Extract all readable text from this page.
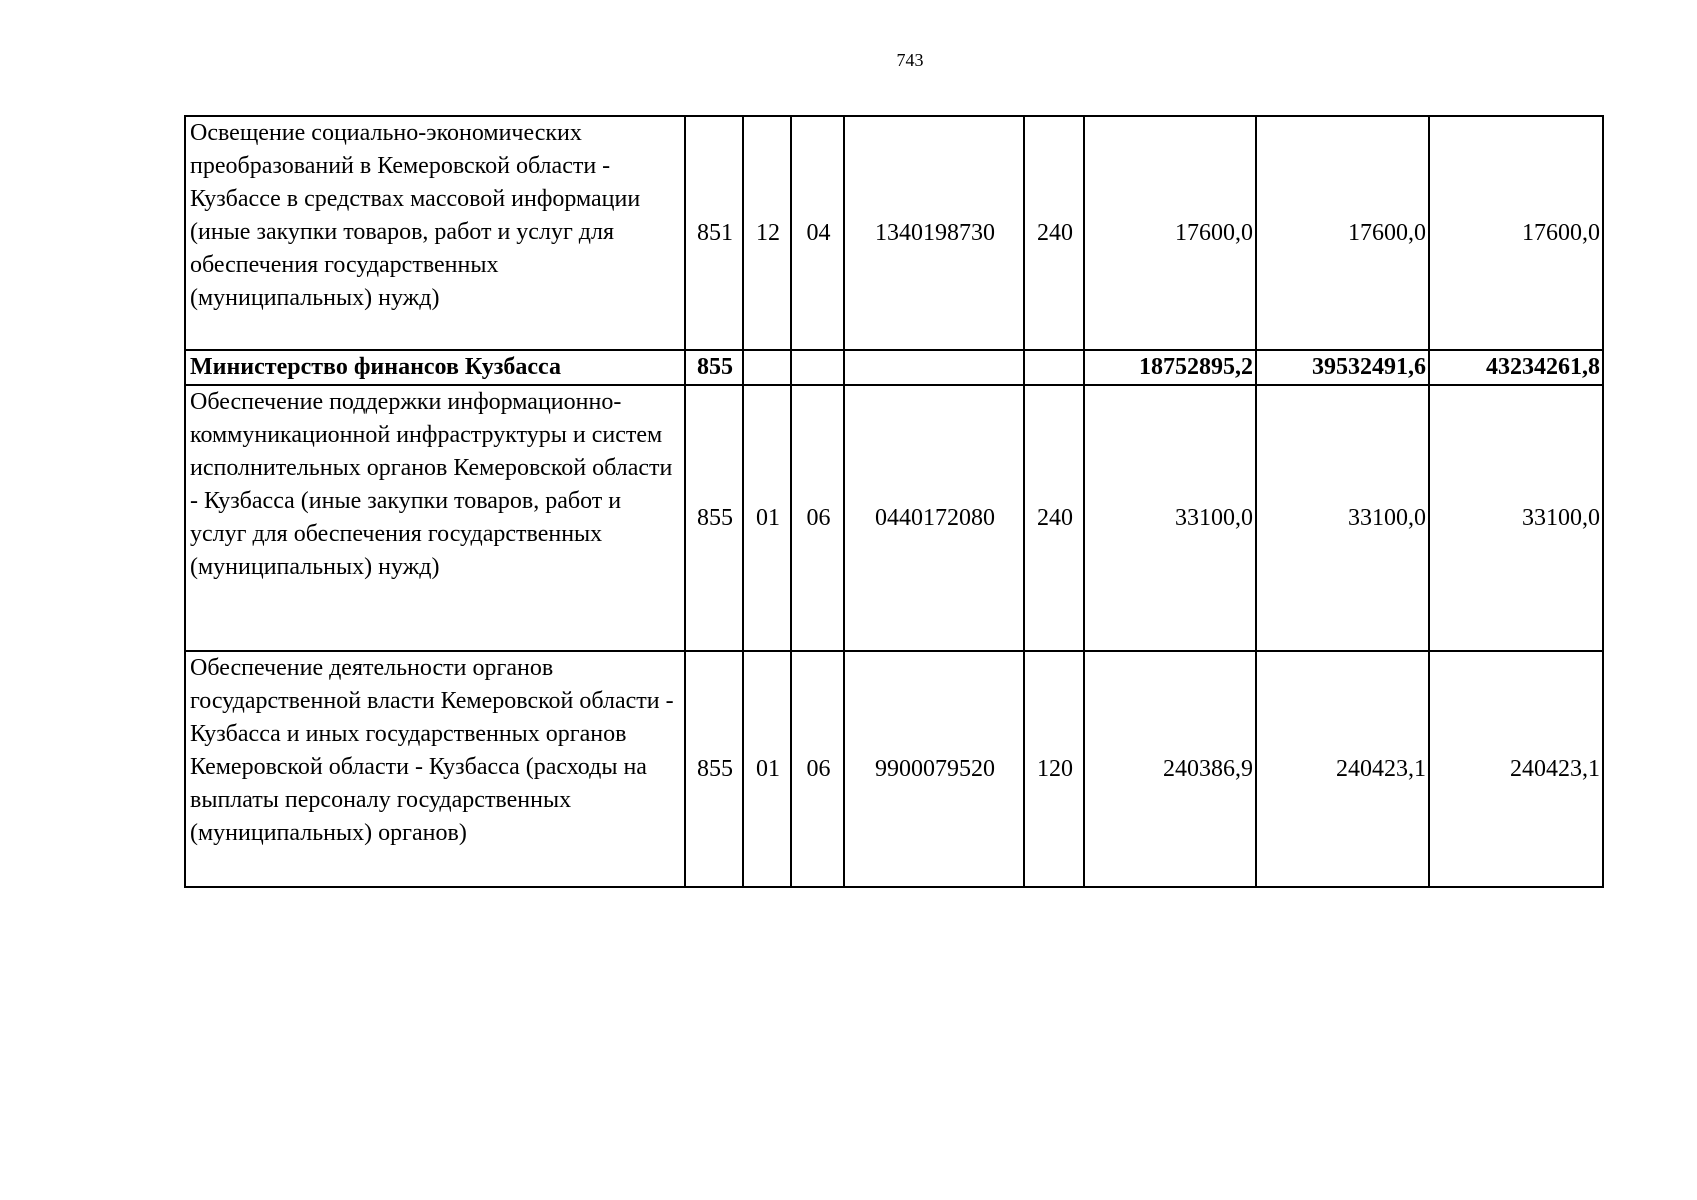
743
Освещение социально-экономических преобразований в Кемеровской области - Кузбассе в средствах массовой информации (иные закупки товаров, работ и услуг для обеспечения государственных (муниципальных) нужд)	851	12	04	1340198730	240	17600,0	17600,0	17600,0
Министерство финансов Кузбасса	855					18752895,2	39532491,6	43234261,8
Обеспечение поддержки информационно-коммуникационной инфраструктуры и систем исполнительных органов Кемеровской области - Кузбасса (иные закупки товаров, работ и услуг для обеспечения государственных (муниципальных) нужд)	855	01	06	0440172080	240	33100,0	33100,0	33100,0
Обеспечение деятельности органов государственной власти Кемеровской области - Кузбасса и иных государственных органов Кемеровской области - Кузбасса (расходы на выплаты персоналу государственных (муниципальных) органов)	855	01	06	9900079520	120	240386,9	240423,1	240423,1
